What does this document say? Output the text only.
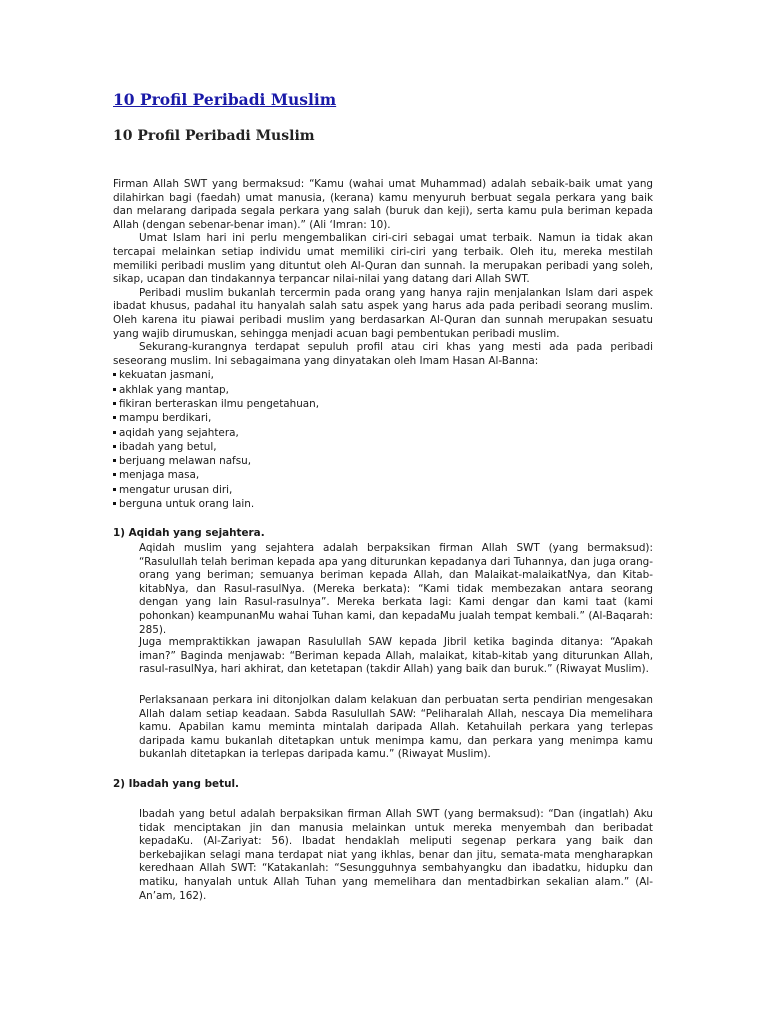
10 Profil Peribadi Muslim
10 Profil Peribadi Muslim

Firman Allah SWT yang bermaksud: “Kamu (wahai umat Muhammad) adalah sebaik-baik umat yang dilahirkan bagi (faedah) umat manusia, (kerana) kamu menyuruh berbuat segala perkara yang baik dan melarang daripada segala perkara yang salah (buruk dan keji), serta kamu pula beriman kepada Allah (dengan sebenar-benar iman).” (Ali ‘Imran: 10).

Umat Islam hari ini perlu mengembalikan ciri-ciri sebagai umat terbaik. Namun ia tidak akan tercapai melainkan setiap individu umat memiliki ciri-ciri yang terbaik. Oleh itu, mereka mestilah memiliki peribadi muslim yang dituntut oleh Al-Quran dan sunnah. Ia merupakan peribadi yang soleh, sikap, ucapan dan tindakannya terpancar nilai-nilai yang datang dari Allah SWT.

Peribadi muslim bukanlah tercermin pada orang yang hanya rajin menjalankan Islam dari aspek ibadat khusus, padahal itu hanyalah salah satu aspek yang harus ada pada peribadi seorang muslim. Oleh karena itu piawai peribadi muslim yang berdasarkan Al-Quran dan sunnah merupakan sesuatu yang wajib dirumuskan, sehingga menjadi acuan bagi pembentukan peribadi muslim.

Sekurang-kurangnya terdapat sepuluh profil atau ciri khas yang mesti ada pada peribadi seseorang muslim. Ini sebagaimana yang dinyatakan oleh Imam Hasan Al-Banna:

kekuatan jasmani,
akhlak yang mantap,
fikiran berteraskan ilmu pengetahuan,
mampu berdikari,
aqidah yang sejahtera,
ibadah yang betul,
berjuang melawan nafsu,
menjaga masa,
mengatur urusan diri,
berguna untuk orang lain.
1) Aqidah yang sejahtera.

Aqidah muslim yang sejahtera adalah berpaksikan firman Allah SWT (yang bermaksud): “Rasulullah telah beriman kepada apa yang diturunkan kepadanya dari Tuhannya, dan juga orang-orang yang beriman; semuanya beriman kepada Allah, dan Malaikat-malaikatNya, dan Kitab-kitabNya, dan Rasul-rasulNya. (Mereka berkata): “Kami tidak membezakan antara seorang dengan yang lain Rasul-rasulnya”. Mereka berkata lagi: Kami dengar dan kami taat (kami pohonkan) keampunanMu wahai Tuhan kami, dan kepadaMu jualah tempat kembali.” (Al-Baqarah: 285).

Juga mempraktikkan jawapan Rasulullah SAW kepada Jibril ketika baginda ditanya: “Apakah iman?” Baginda menjawab: “Beriman kepada Allah, malaikat, kitab-kitab yang diturunkan Allah, rasul-rasulNya, hari akhirat, dan ketetapan (takdir Allah) yang baik dan buruk.” (Riwayat Muslim).

Perlaksanaan perkara ini ditonjolkan dalam kelakuan dan perbuatan serta pendirian mengesakan Allah dalam setiap keadaan. Sabda Rasulullah SAW: “Peliharalah Allah, nescaya Dia memelihara kamu. Apabilan kamu meminta mintalah daripada Allah. Ketahuilah perkara yang terlepas daripada kamu bukanlah ditetapkan untuk menimpa kamu, dan perkara yang menimpa kamu bukanlah ditetapkan ia terlepas daripada kamu.” (Riwayat Muslim).

2) Ibadah yang betul.

Ibadah yang betul adalah berpaksikan firman Allah SWT (yang bermaksud): “Dan (ingatlah) Aku tidak menciptakan jin dan manusia melainkan untuk mereka menyembah dan beribadat kepadaKu. (Al-Zariyat: 56). Ibadat hendaklah meliputi segenap perkara yang baik dan berkebajikan selagi mana terdapat niat yang ikhlas, benar dan jitu, semata-mata mengharapkan keredhaan Allah SWT: “Katakanlah: “Sesungguhnya sembahyangku dan ibadatku, hidupku dan matiku, hanyalah untuk Allah Tuhan yang memelihara dan mentadbirkan sekalian alam.” (Al-An’am, 162).
